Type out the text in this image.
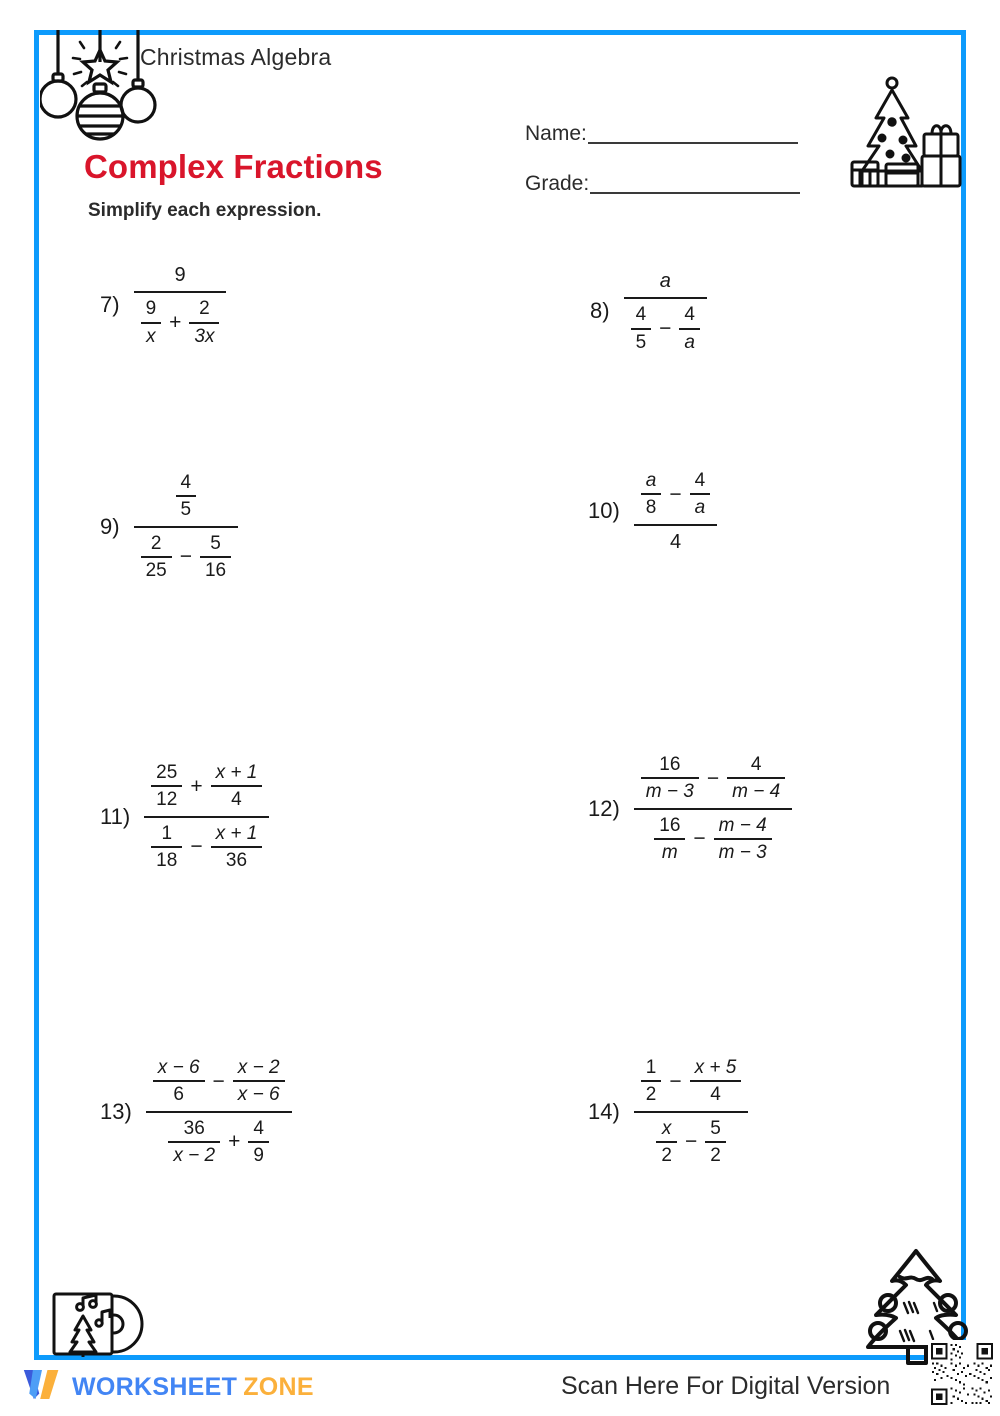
Christmas Algebra
Complex Fractions
Simplify each expression.
Name:
Grade:
7)
9
$\frac{9}{x} + \frac{2}{3x}$	8)
a
$\frac{4}{5} - \frac{4}{a}$
9)
$\frac{4}{5}$
$\frac{2}{25} - \frac{5}{16}$
$10) \frac{a}{8} - \frac{4}{a}$
4
11)
$\frac{25}{12} + \frac{x + 1}{4}$
$\frac{1}{18} - \frac{x + 1}{36}$
12)
$\frac{16}{m - 3} - \frac{4}{m - 4}$
$\frac{16}{m} - \frac{m - 4}{m - 3}$
13)
$\frac{x - 6}{6} - \frac{x - 2}{x - 6}$
$\frac{36}{x - 2} + \frac{4}{9}$
14)
$\frac{1}{2} - \frac{x + 5}{4}$
$\frac{x}{2} - \frac{5}{2}$
WORKSHEET ZONE	Scan Here For Digital Version
